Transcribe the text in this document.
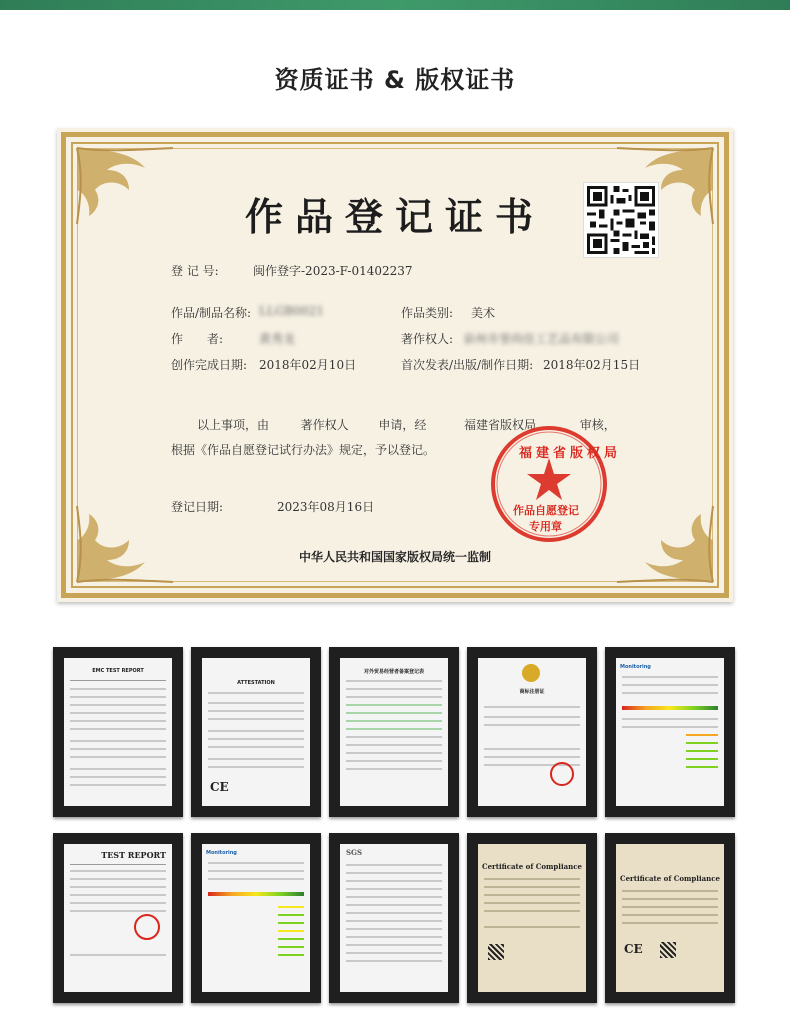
资质证书 & 版权证书
作品登记证书
登 记 号:	闽作登字-2023-F-01402237
作品/制品名称: LLGB0021	作品类别: 美术
作　　者:	黄秀龙	著作权人: 泉州市誉尚佳工艺品有限公司
创作完成日期: 2018年02月10日	首次发表/出版/制作日期: 2018年02月15日
以上事项，由	著作权人 申请，经	福建省版权局	审核，
根据《作品自愿登记试行办法》规定，予以登记。
登记日期:	2023年08月16日
福建省版权局
作品自愿登记
专用章
中华人民共和国国家版权局统一监制
EMC TEST REPORT
ATTESTATION
CE
对外贸易经营者备案登记表
商标注册证
Monitoring
TEST REPORT	Monitoring	SGS
Certificate of Compliance
Certificate of Compliance
CE
